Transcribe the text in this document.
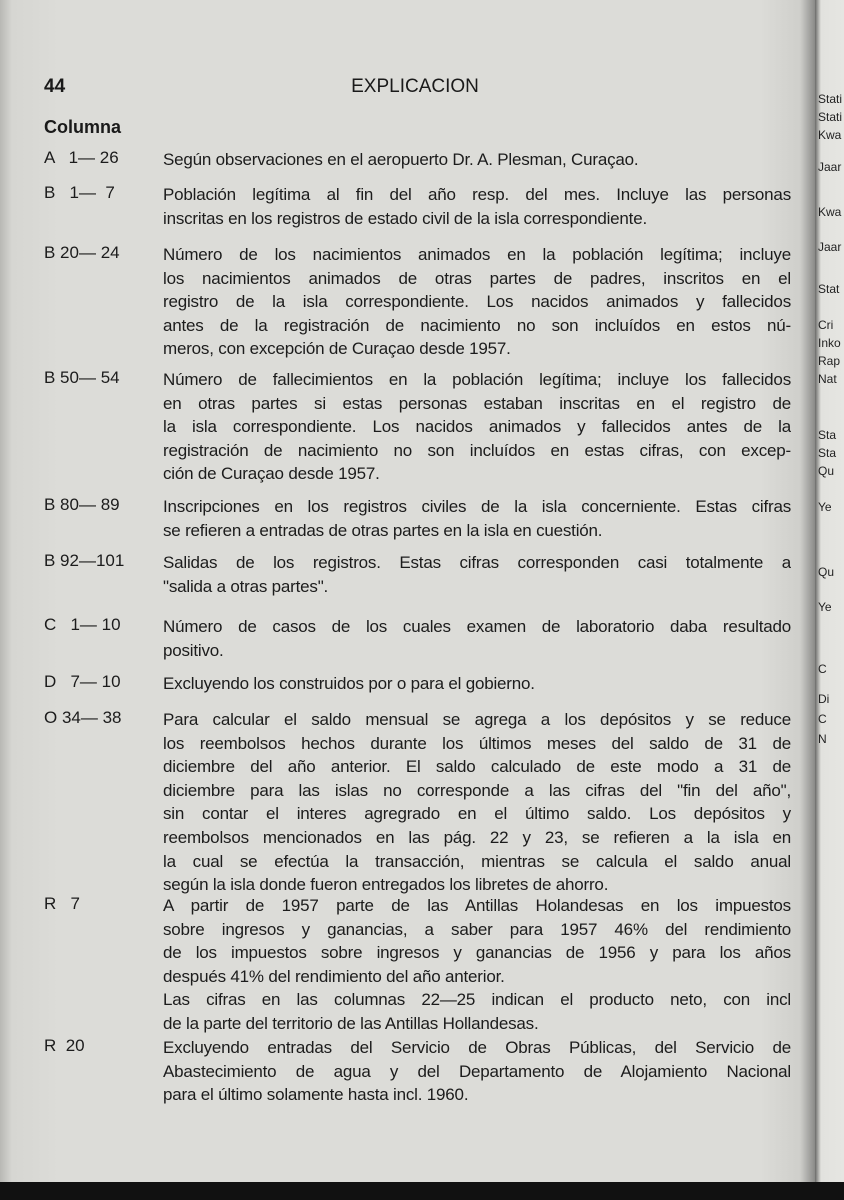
44	EXPLICACION
Columna
A   1— 26	Según observaciones en el aeropuerto Dr. A. Plesman, Curaçao.
B   1—  7	Población legítima al fin del año resp. del mes. Incluye las personas
inscritas en los registros de estado civil de la isla correspondiente.
B 20— 24	Número de los nacimientos animados en la población legítima; incluye
los nacimientos animados de otras partes de padres, inscritos en el
registro de la isla correspondiente. Los nacidos animados y fallecidos
antes de la registración de nacimiento no son incluídos en estos nú-
meros, con excepción de Curaçao desde 1957.
B 50— 54	Número de fallecimientos en la población legítima; incluye los fallecidos
en otras partes si estas personas estaban inscritas en el registro de
la isla correspondiente. Los nacidos animados y fallecidos antes de la
registración de nacimiento no son incluídos en estas cifras, con excep-
ción de Curaçao desde 1957.
B 80— 89	Inscripciones en los registros civiles de la isla concerniente. Estas cifras
se refieren a entradas de otras partes en la isla en cuestión.
B 92—101	Salidas de los registros. Estas cifras corresponden casi totalmente a
"salida a otras partes".
C   1— 10	Número de casos de los cuales examen de laboratorio daba resultado
positivo.
D   7— 10	Excluyendo los construidos por o para el gobierno.
O 34— 38	Para calcular el saldo mensual se agrega a los depósitos y se reduce
los reembolsos hechos durante los últimos meses del saldo de 31 de
diciembre del año anterior. El saldo calculado de este modo a 31 de
diciembre para las islas no corresponde a las cifras del "fin del año",
sin contar el interes agregrado en el último saldo. Los depósitos y
reembolsos mencionados en las pág. 22 y 23, se refieren a la isla en
la cual se efectúa la transacción, mientras se calcula el saldo anual
según la isla donde fueron entregados los libretes de ahorro.
R   7	A partir de 1957 parte de las Antillas Holandesas en los impuestos
sobre ingresos y ganancias, a saber para 1957 46% del rendimiento
de los impuestos sobre ingresos y ganancias de 1956 y para los años
después 41% del rendimiento del año anterior.
Las cifras en las columnas 22—25 indican el producto neto, con incl
de la parte del territorio de las Antillas Hollandesas.
R  20	Excluyendo entradas del Servicio de Obras Públicas, del Servicio de
Abastecimiento de agua y del Departamento de Alojamiento Nacional
para el último solamente hasta incl. 1960.
Stati
Stati
Kwa
Jaar
Kwa
Jaar
Stat
Cri
Inko
Rap
Nat
Sta
Sta
Qu
Ye
Qu
Ye
C
Di
C
N
